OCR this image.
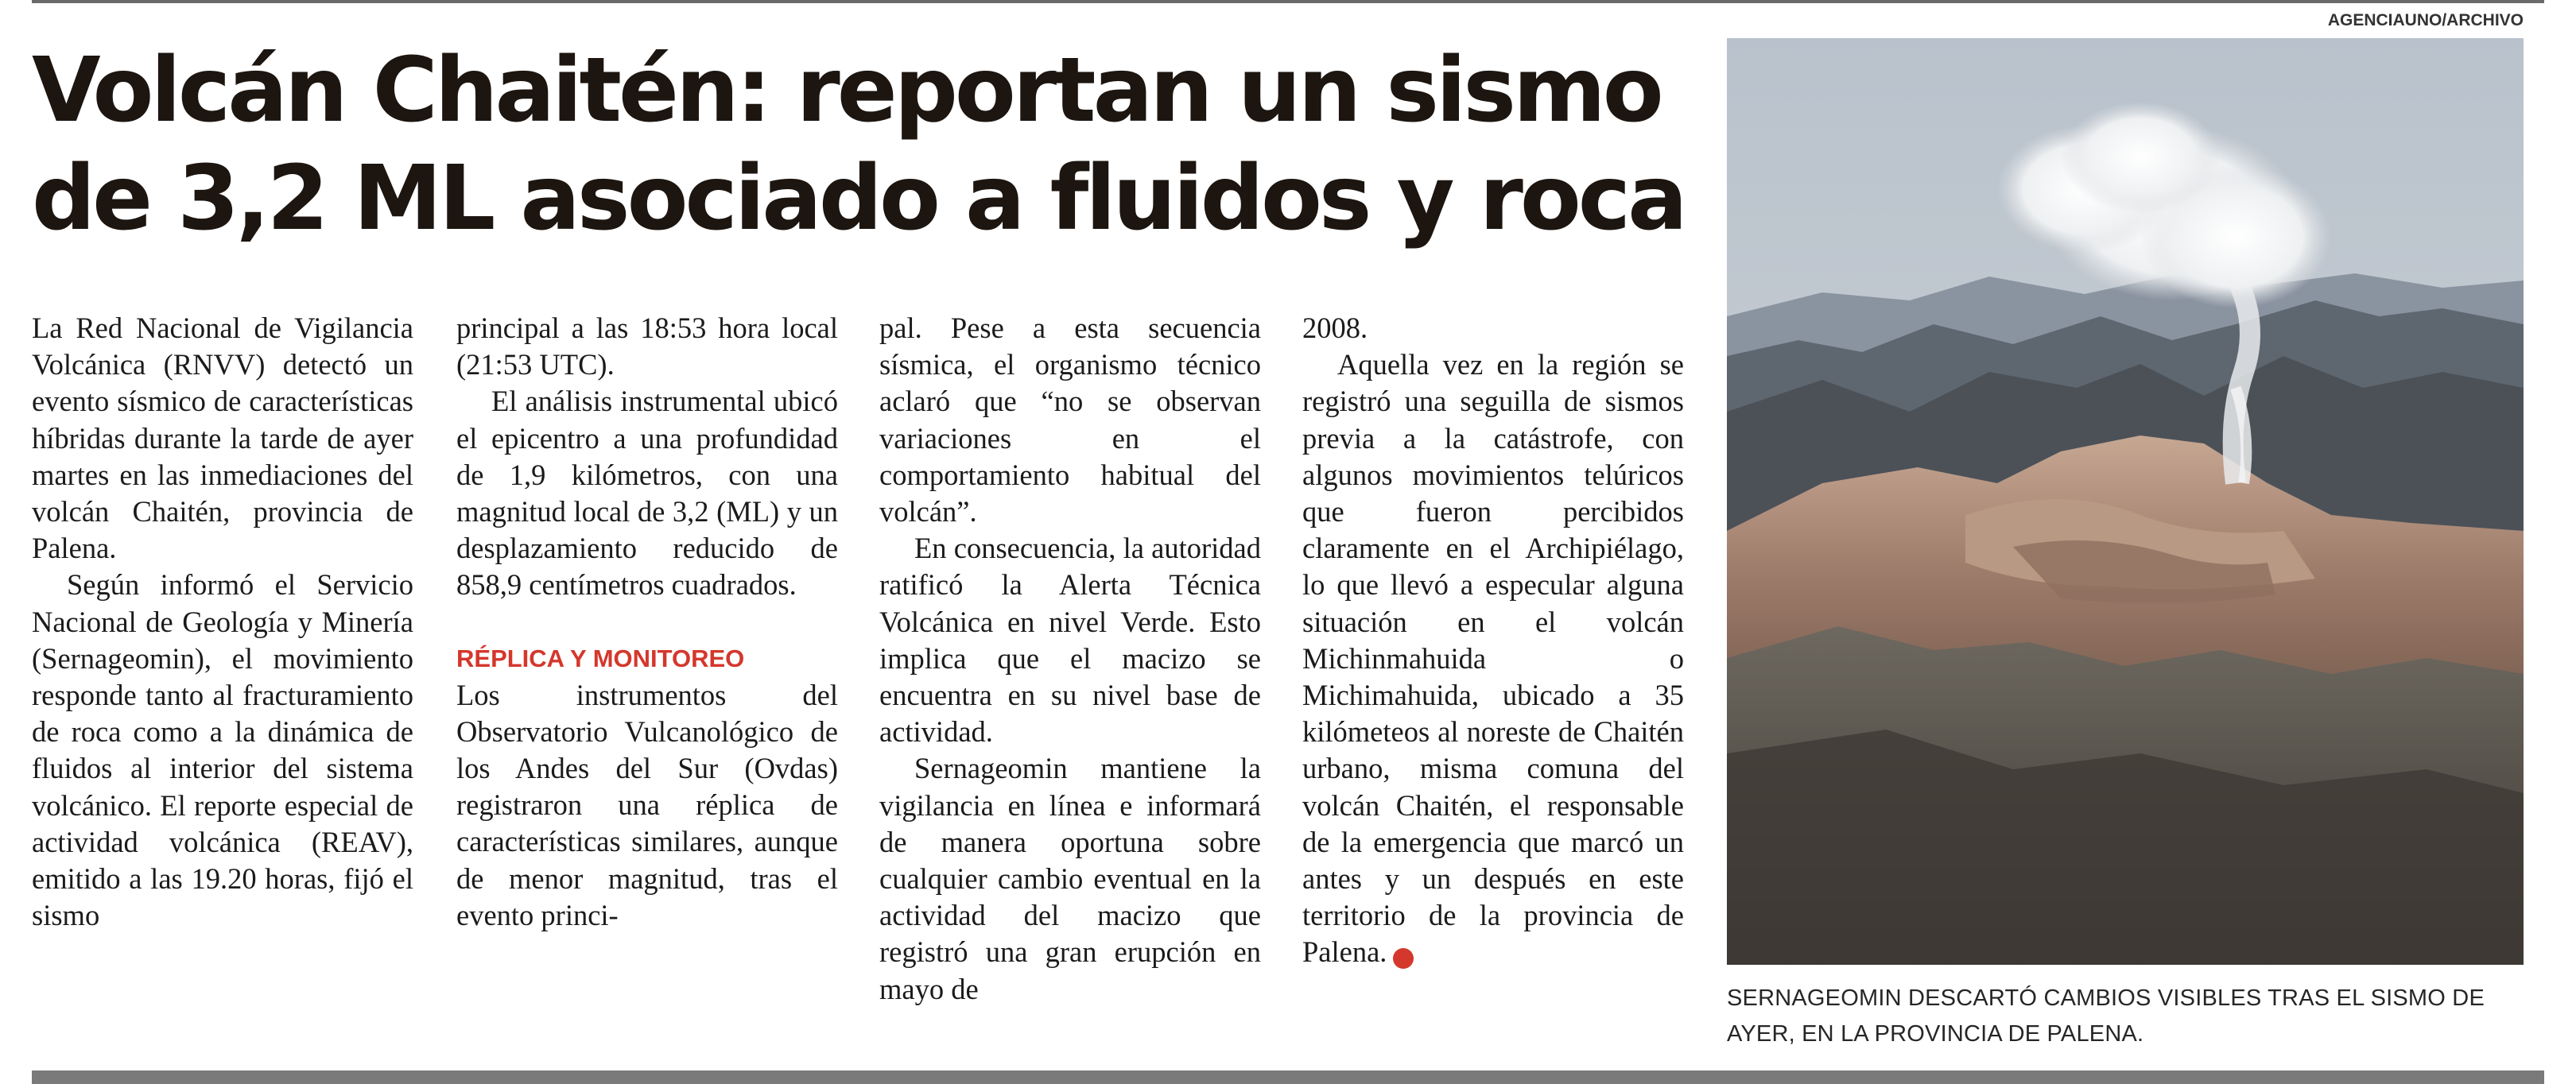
Volcán Chaitén: reportan un sismo de 3,2 ML asociado a fluidos y roca

La Red Nacional de Vigilancia Volcánica (RNVV) detectó un evento sísmico de características híbridas durante la tarde de ayer martes en las inmediaciones del volcán Chaitén, provincia de Palena.

Según informó el Servicio Nacional de Geología y Minería (Sernageomin), el movimiento responde tanto al fracturamiento de roca como a la dinámica de fluidos al interior del sistema volcánico. El reporte especial de actividad volcánica (REAV), emitido a las 19.20 horas, fijó el sismo

principal a las 18:53 hora local (21:53 UTC).

El análisis instrumental ubicó el epicentro a una profundidad de 1,9 kilómetros, con una magnitud local de 3,2 (ML) y un desplazamiento reducido de 858,9 centímetros cuadrados.

RÉPLICA Y MONITOREO

Los instrumentos del Observatorio Vulcanológico de los Andes del Sur (Ovdas) registraron una réplica de características similares, aunque de menor magnitud, tras el evento princi-

pal. Pese a esta secuencia sísmica, el organismo técnico aclaró que “no se observan variaciones en el comportamiento habitual del volcán”.

En consecuencia, la autoridad ratificó la Alerta Técnica Volcánica en nivel Verde. Esto implica que el macizo se encuentra en su nivel base de actividad.

Sernageomin mantiene la vigilancia en línea e informará de manera oportuna sobre cualquier cambio eventual en la actividad del macizo que registró una gran erupción en mayo de

2008.

Aquella vez en la región se registró una seguilla de sismos previa a la catástrofe, con algunos movimientos telúricos que fueron percibidos claramente en el Archipiélago, lo que llevó a especular alguna situación en el volcán Michinmahuida o Michimahuida, ubicado a 35 kilómeteos al noreste de Chaitén urbano, misma comuna del volcán Chaitén, el responsable de la emergencia que marcó un antes y un después en este territorio de la provincia de Palena. ✪

AGENCIAUNO/ARCHIVO
SERNAGEOMIN DESCARTÓ CAMBIOS VISIBLES TRAS EL SISMO DE AYER, EN LA PROVINCIA DE PALENA.
